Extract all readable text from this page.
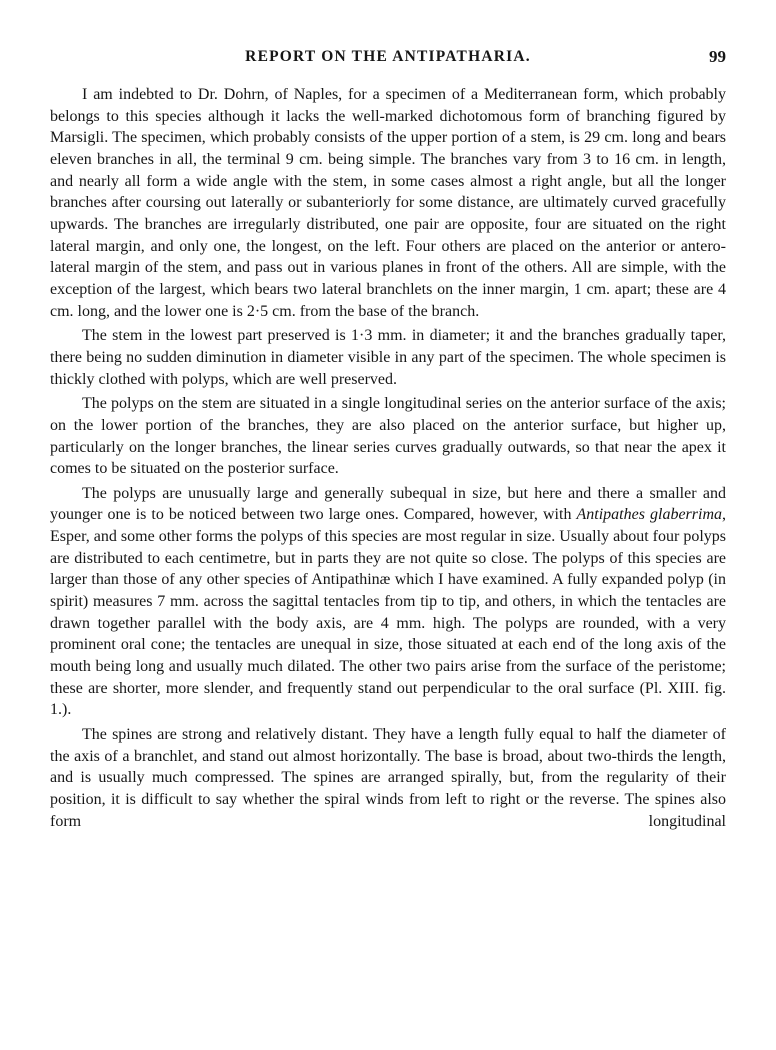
REPORT ON THE ANTIPATHARIA.	99

I am indebted to Dr. Dohrn, of Naples, for a specimen of a Mediterranean form, which probably belongs to this species although it lacks the well-marked dichotomous form of branching figured by Marsigli. The specimen, which probably consists of the upper portion of a stem, is 29 cm. long and bears eleven branches in all, the terminal 9 cm. being simple. The branches vary from 3 to 16 cm. in length, and nearly all form a wide angle with the stem, in some cases almost a right angle, but all the longer branches after coursing out laterally or subanteriorly for some distance, are ultimately curved gracefully upwards. The branches are irregularly distributed, one pair are opposite, four are situated on the right lateral margin, and only one, the longest, on the left. Four others are placed on the anterior or antero-lateral margin of the stem, and pass out in various planes in front of the others. All are simple, with the exception of the largest, which bears two lateral branchlets on the inner margin, 1 cm. apart; these are 4 cm. long, and the lower one is 2·5 cm. from the base of the branch.

The stem in the lowest part preserved is 1·3 mm. in diameter; it and the branches gradually taper, there being no sudden diminution in diameter visible in any part of the specimen. The whole specimen is thickly clothed with polyps, which are well preserved.

The polyps on the stem are situated in a single longitudinal series on the anterior surface of the axis; on the lower portion of the branches, they are also placed on the anterior surface, but higher up, particularly on the longer branches, the linear series curves gradually outwards, so that near the apex it comes to be situated on the posterior surface.

The polyps are unusually large and generally subequal in size, but here and there a smaller and younger one is to be noticed between two large ones. Compared, however, with Antipathes glaberrima, Esper, and some other forms the polyps of this species are most regular in size. Usually about four polyps are distributed to each centimetre, but in parts they are not quite so close. The polyps of this species are larger than those of any other species of Antipathinæ which I have examined. A fully expanded polyp (in spirit) measures 7 mm. across the sagittal tentacles from tip to tip, and others, in which the tentacles are drawn together parallel with the body axis, are 4 mm. high. The polyps are rounded, with a very prominent oral cone; the tentacles are unequal in size, those situated at each end of the long axis of the mouth being long and usually much dilated. The other two pairs arise from the surface of the peristome; these are shorter, more slender, and frequently stand out perpendicular to the oral surface (Pl. XIII. fig. 1.).

The spines are strong and relatively distant. They have a length fully equal to half the diameter of the axis of a branchlet, and stand out almost horizontally. The base is broad, about two-thirds the length, and is usually much compressed. The spines are arranged spirally, but, from the regularity of their position, it is difficult to say whether the spiral winds from left to right or the reverse. The spines also form longitudinal
